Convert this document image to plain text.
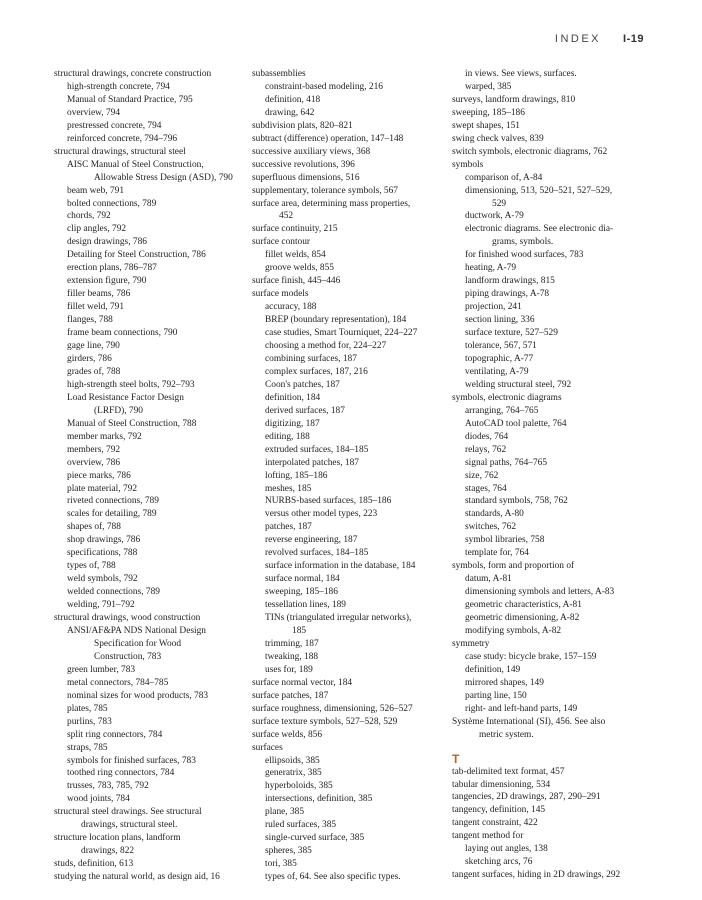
INDEX I-19
structural drawings, concrete construction
high-strength concrete, 794
Manual of Standard Practice, 795
overview, 794
prestressed concrete, 794
reinforced concrete, 794–796
structural drawings, structural steel
AISC Manual of Steel Construction,
Allowable Stress Design (ASD), 790
beam web, 791
bolted connections, 789
chords, 792
clip angles, 792
design drawings, 786
Detailing for Steel Construction, 786
erection plans, 786–787
extension figure, 790
filler beams, 786
fillet weld, 791
flanges, 788
frame beam connections, 790
gage line, 790
girders, 786
grades of, 788
high-strength steel bolts, 792–793
Load Resistance Factor Design
(LRFD), 790
Manual of Steel Construction, 788
member marks, 792
members, 792
overview, 786
piece marks, 786
plate material, 792
riveted connections, 789
scales for detailing, 789
shapes of, 788
shop drawings, 786
specifications, 788
types of, 788
weld symbols, 792
welded connections, 789
welding, 791–792
structural drawings, wood construction
ANSI/AF&PA NDS National Design
Specification for Wood
Construction, 783
green lumber, 783
metal connectors, 784–785
nominal sizes for wood products, 783
plates, 785
purlins, 783
split ring connectors, 784
straps, 785
symbols for finished surfaces, 783
toothed ring connectors, 784
trusses, 783, 785, 792
wood joints, 784
structural steel drawings. See structural
drawings, structural steel.
structure location plans, landform
drawings, 822
studs, definition, 613
studying the natural world, as design aid, 16
subassemblies
constraint-based modeling, 216
definition, 418
drawing, 642
subdivision plats, 820–821
subtract (difference) operation, 147–148
successive auxiliary views, 368
successive revolutions, 396
superfluous dimensions, 516
supplementary, tolerance symbols, 567
surface area, determining mass properties,
452
surface continuity, 215
surface contour
fillet welds, 854
groove welds, 855
surface finish, 445–446
surface models
accuracy, 188
BREP (boundary representation), 184
case studies, Smart Tourniquet, 224–227
choosing a method for, 224–227
combining surfaces, 187
complex surfaces, 187, 216
Coon's patches, 187
definition, 184
derived surfaces, 187
digitizing, 187
editing, 188
extruded surfaces, 184–185
interpolated patches, 187
lofting, 185–186
meshes, 185
NURBS-based surfaces, 185–186
versus other model types, 223
patches, 187
reverse engineering, 187
revolved surfaces, 184–185
surface information in the database, 184
surface normal, 184
sweeping, 185–186
tessellation lines, 189
TINs (triangulated irregular networks),
185
trimming, 187
tweaking, 188
uses for, 189
surface normal vector, 184
surface patches, 187
surface roughness, dimensioning, 526–527
surface texture symbols, 527–528, 529
surface welds, 856
surfaces
ellipsoids, 385
generatrix, 385
hyperboloids, 385
intersections, definition, 385
plane, 385
ruled surfaces, 385
single-curved surface, 385
spheres, 385
tori, 385
types of, 64. See also specific types.
in views. See views, surfaces.
warped, 385
surveys, landform drawings, 810
sweeping, 185–186
swept shapes, 151
swing check valves, 839
switch symbols, electronic diagrams, 762
symbols
comparison of, A-84
dimensioning, 513, 520–521, 527–529,
529
ductwork, A-79
electronic diagrams. See electronic dia-
grams, symbols.
for finished wood surfaces, 783
heating, A-79
landform drawings, 815
piping drawings, A-78
projection, 241
section lining, 336
surface texture, 527–529
tolerance, 567, 571
topographic, A-77
ventilating, A-79
welding structural steel, 792
symbols, electronic diagrams
arranging, 764–765
AutoCAD tool palette, 764
diodes, 764
relays, 762
signal paths, 764–765
size, 762
stages, 764
standard symbols, 758, 762
standards, A-80
switches, 762
symbol libraries, 758
template for, 764
symbols, form and proportion of
datum, A-81
dimensioning symbols and letters, A-83
geometric characteristics, A-81
geometric dimensioning, A-82
modifying symbols, A-82
symmetry
case study: bicycle brake, 157–159
definition, 149
mirrored shapes, 149
parting line, 150
right- and left-hand parts, 149
Système International (SI), 456. See also
metric system.
T
tab-delimited text format, 457
tabular dimensioning, 534
tangencies, 2D drawings, 287, 290–291
tangency, definition, 145
tangent constraint, 422
tangent method for
laying out angles, 138
sketching arcs, 76
tangent surfaces, hiding in 2D drawings, 292
